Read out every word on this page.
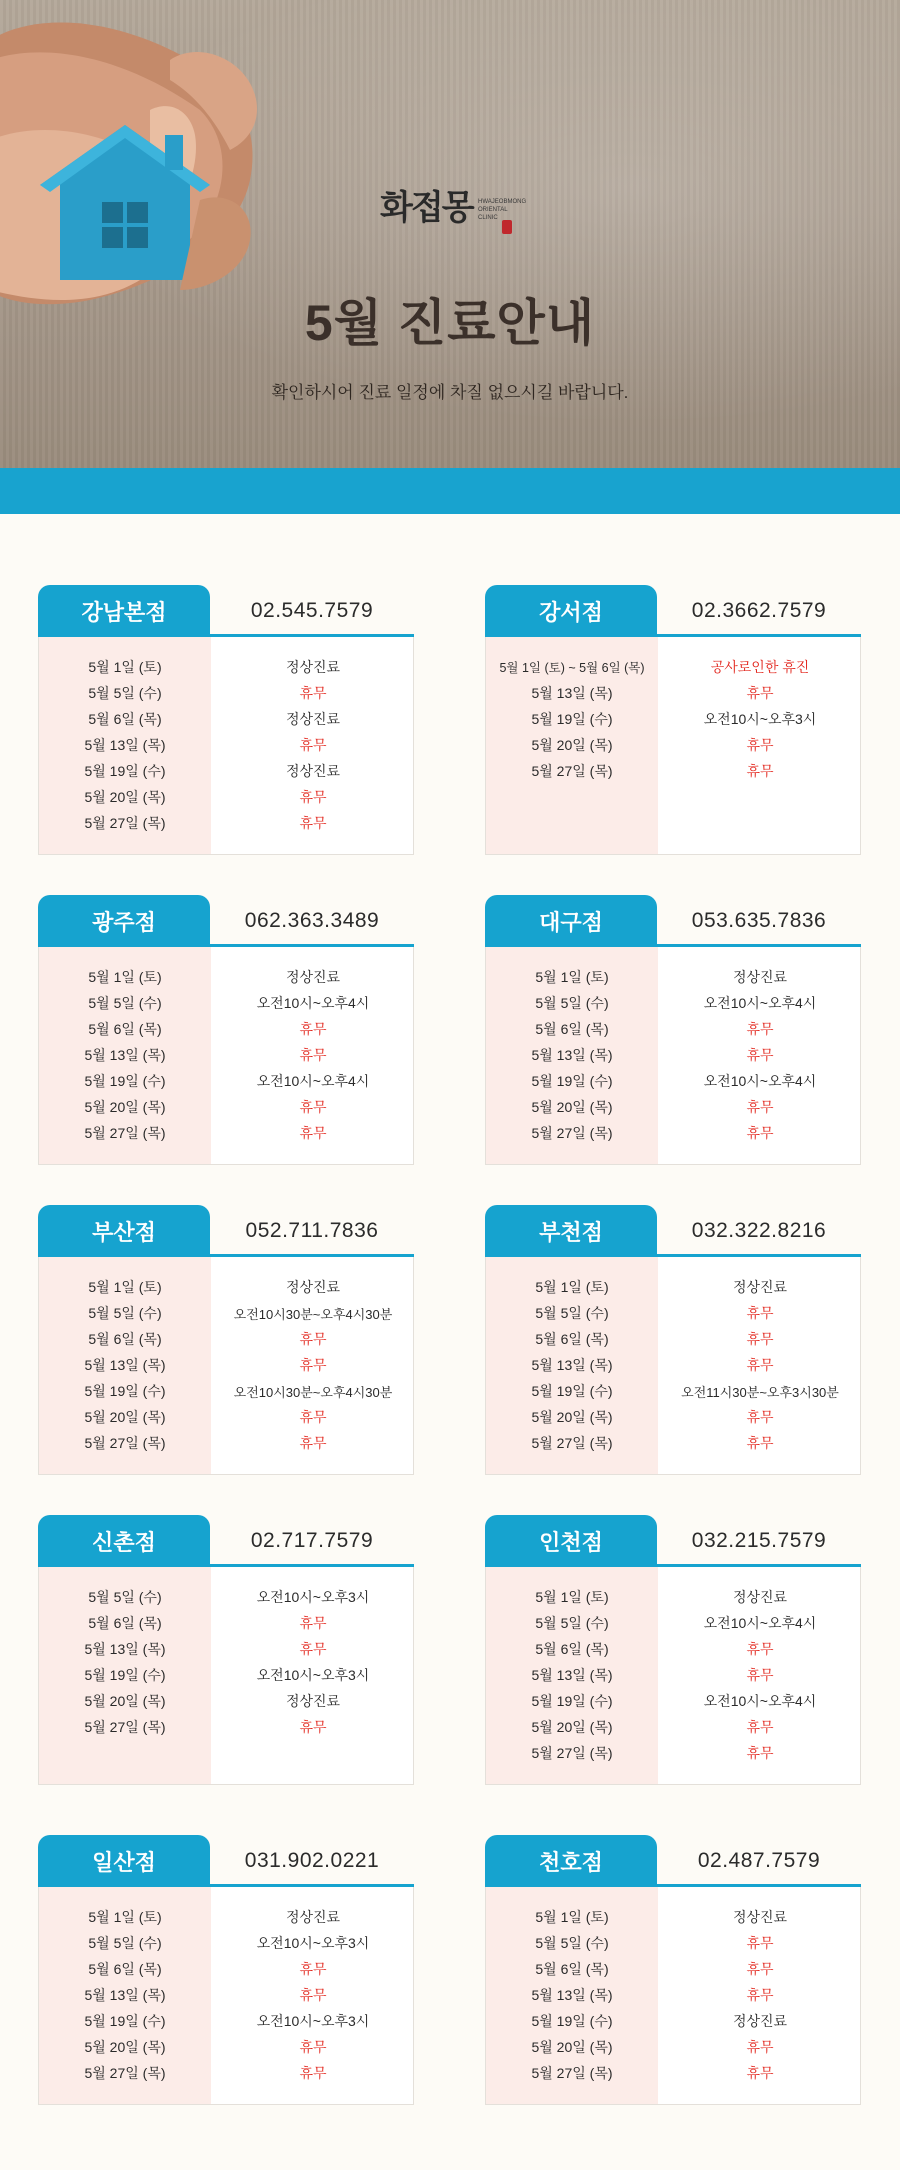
화접몽 HWAJEOBMONG ORIENTAL CLINIC
5월 진료안내
확인하시어 진료 일정에 차질 없으시길 바랍니다.
강남본점	02.545.7579
5월 1일 (토)	정상진료
5월 5일 (수)	휴무
5월 6일 (목)	정상진료
5월 13일 (목)	휴무
5월 19일 (수)	정상진료
5월 20일 (목)	휴무
5월 27일 (목)	휴무
강서점	02.3662.7579
5월 1일 (토) ~ 5월 6일 (목)	공사로인한 휴진
5월 13일 (목)	휴무
5월 19일 (수)	오전10시~오후3시
5월 20일 (목)	휴무
5월 27일 (목)	휴무
광주점	062.363.3489
5월 1일 (토)	정상진료
5월 5일 (수)	오전10시~오후4시
5월 6일 (목)	휴무
5월 13일 (목)	휴무
5월 19일 (수)	오전10시~오후4시
5월 20일 (목)	휴무
5월 27일 (목)	휴무
대구점	053.635.7836
5월 1일 (토)	정상진료
5월 5일 (수)	오전10시~오후4시
5월 6일 (목)	휴무
5월 13일 (목)	휴무
5월 19일 (수)	오전10시~오후4시
5월 20일 (목)	휴무
5월 27일 (목)	휴무
부산점	052.711.7836
5월 1일 (토)	정상진료
5월 5일 (수)	오전10시30분~오후4시30분
5월 6일 (목)	휴무
5월 13일 (목)	휴무
5월 19일 (수)	오전10시30분~오후4시30분
5월 20일 (목)	휴무
5월 27일 (목)	휴무
부천점	032.322.8216
5월 1일 (토)	정상진료
5월 5일 (수)	휴무
5월 6일 (목)	휴무
5월 13일 (목)	휴무
5월 19일 (수)	오전11시30분~오후3시30분
5월 20일 (목)	휴무
5월 27일 (목)	휴무
신촌점	02.717.7579
5월 5일 (수)	오전10시~오후3시
5월 6일 (목)	휴무
5월 13일 (목)	휴무
5월 19일 (수)	오전10시~오후3시
5월 20일 (목)	정상진료
5월 27일 (목)	휴무
인천점	032.215.7579
5월 1일 (토)	정상진료
5월 5일 (수)	오전10시~오후4시
5월 6일 (목)	휴무
5월 13일 (목)	휴무
5월 19일 (수)	오전10시~오후4시
5월 20일 (목)	휴무
5월 27일 (목)	휴무
일산점	031.902.0221
5월 1일 (토)	정상진료
5월 5일 (수)	오전10시~오후3시
5월 6일 (목)	휴무
5월 13일 (목)	휴무
5월 19일 (수)	오전10시~오후3시
5월 20일 (목)	휴무
5월 27일 (목)	휴무
천호점	02.487.7579
5월 1일 (토)	정상진료
5월 5일 (수)	휴무
5월 6일 (목)	휴무
5월 13일 (목)	휴무
5월 19일 (수)	정상진료
5월 20일 (목)	휴무
5월 27일 (목)	휴무
